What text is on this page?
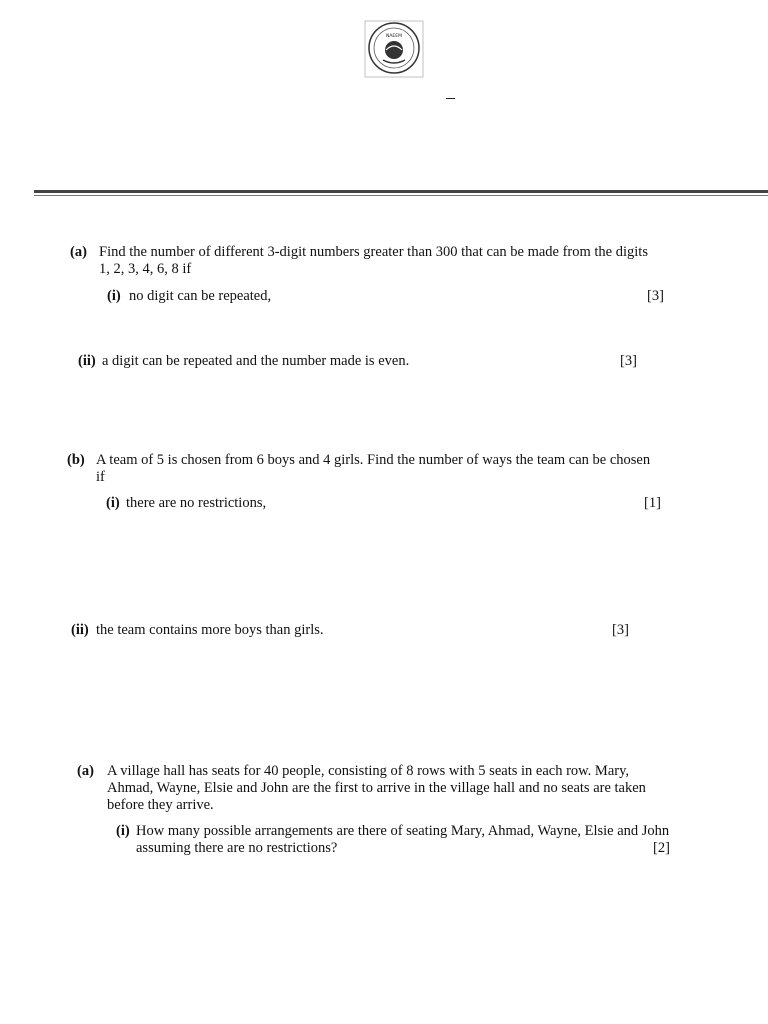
NAEEM
(a) Find the number of different 3-digit numbers greater than 300 that can be made from the digits
1, 2, 3, 4, 6, 8 if
(i) no digit can be repeated,	[3]
(ii) a digit can be repeated and the number made is even.	[3]
(b) A team of 5 is chosen from 6 boys and 4 girls. Find the number of ways the team can be chosen
if
(i) there are no restrictions,	[1]
(ii) the team contains more boys than girls.	[3]
(a) A village hall has seats for 40 people, consisting of 8 rows with 5 seats in each row. Mary,
Ahmad, Wayne, Elsie and John are the first to arrive in the village hall and no seats are taken
before they arrive.
(i) How many possible arrangements are there of seating Mary, Ahmad, Wayne, Elsie and John
assuming there are no restrictions?	[2]
